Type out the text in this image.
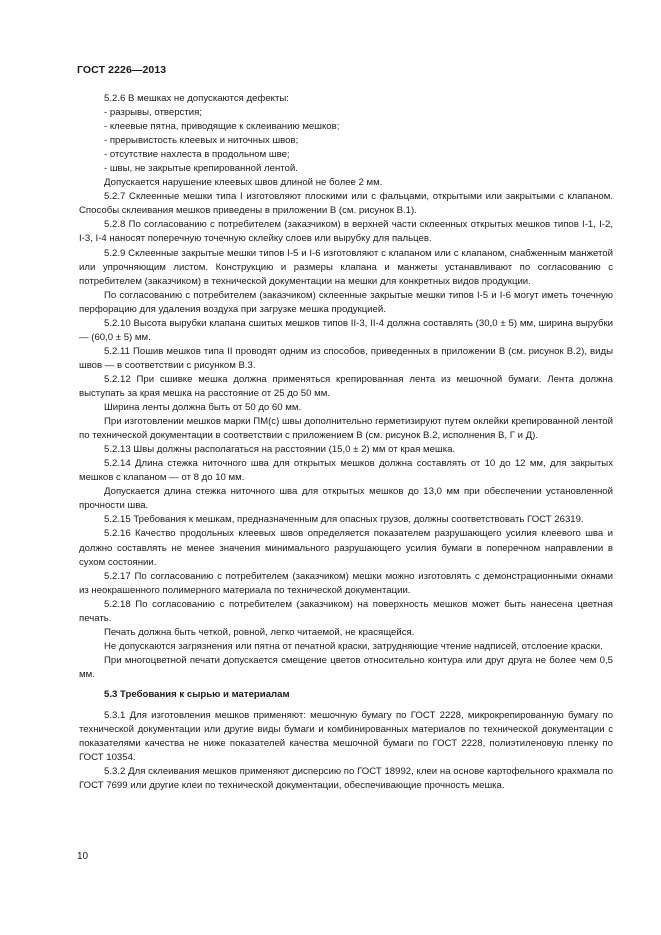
ГОСТ 2226—2013

5.2.6 В мешках не допускаются дефекты:

- разрывы, отверстия;

- клеевые пятна, приводящие к склеиванию мешков;

- прерывистость клеевых и ниточных швов;

- отсутствие нахлеста в продольном шве;

- швы, не закрытые крепированной лентой.

Допускается нарушение клеевых швов длиной не более 2 мм.

5.2.7 Склеенные мешки типа I изготовляют плоскими или с фальцами, открытыми или закрытыми с клапаном. Способы склеивания мешков приведены в приложении В (см. рисунок В.1).

5.2.8 По согласованию с потребителем (заказчиком) в верхней части склеенных открытых мешков типов I-1, I-2, I-3, I-4 наносят поперечную точечную склейку слоев или вырубку для пальцев.

5.2.9 Склеенные закрытые мешки типов I-5 и I-6 изготовляют с клапаном или с клапаном, снабженным манжетой или упрочняющим листом. Конструкцию и размеры клапана и манжеты устанавливают по согласованию с потребителем (заказчиком) в технической документации на мешки для конкретных видов продукции.

По согласованию с потребителем (заказчиком) склеенные закрытые мешки типов I-5 и I-6 могут иметь точечную перфорацию для удаления воздуха при загрузке мешка продукцией.

5.2.10 Высота вырубки клапана сшитых мешков типов II-3, II-4 должна составлять (30,0 ± 5) мм, ширина вырубки — (60,0 ± 5) мм.

5.2.11 Пошив мешков типа II проводят одним из способов, приведенных в приложении В (см. рисунок В.2), виды швов — в соответствии с рисунком В.3.

5.2.12 При сшивке мешка должна применяться крепированная лента из мешочной бумаги. Лента должна выступать за края мешка на расстояние от 25 до 50 мм.

Ширина ленты должна быть от 50 до 60 мм.

При изготовлении мешков марки ПМ(с) швы дополнительно герметизируют путем оклейки крепированной лентой по технической документации в соответствии с приложением В (см. рисунок В.2, исполнения В, Г и Д).

5.2.13 Швы должны располагаться на расстоянии (15,0 ± 2) мм от края мешка.

5.2.14 Длина стежка ниточного шва для открытых мешков должна составлять от 10 до 12 мм, для закрытых мешков с клапаном — от 8 до 10 мм.

Допускается длина стежка ниточного шва для открытых мешков до 13,0 мм при обеспечении установленной прочности шва.

5.2.15 Требования к мешкам, предназначенным для опасных грузов, должны соответствовать ГОСТ 26319.

5.2.16 Качество продольных клеевых швов определяется показателем разрушающего усилия клеевого шва и должно составлять не менее значения минимального разрушающего усилия бумаги в поперечном направлении в сухом состоянии.

5.2.17 По согласованию с потребителем (заказчиком) мешки можно изготовлять с демонстрационными окнами из неокрашенного полимерного материала по технической документации.

5.2.18 По согласованию с потребителем (заказчиком) на поверхность мешков может быть нанесена цветная печать.

Печать должна быть четкой, ровной, легко читаемой, не красящейся.

Не допускаются загрязнения или пятна от печатной краски, затрудняющие чтение надписей, отслоение краски.

При многоцветной печати допускается смещение цветов относительно контура или друг друга не более чем 0,5 мм.

5.3 Требования к сырью и материалам

5.3.1 Для изготовления мешков применяют: мешочную бумагу по ГОСТ 2228, микрокрепированную бумагу по технической документации или другие виды бумаги и комбинированных материалов по технической документации с показателями качества не ниже показателей качества мешочной бумаги по ГОСТ 2228, полиэтиленовую пленку по ГОСТ 10354.

5.3.2 Для склеивания мешков применяют дисперсию по ГОСТ 18992, клеи на основе картофельного крахмала по ГОСТ 7699 или другие клеи по технической документации, обеспечивающие прочность мешка.

10
